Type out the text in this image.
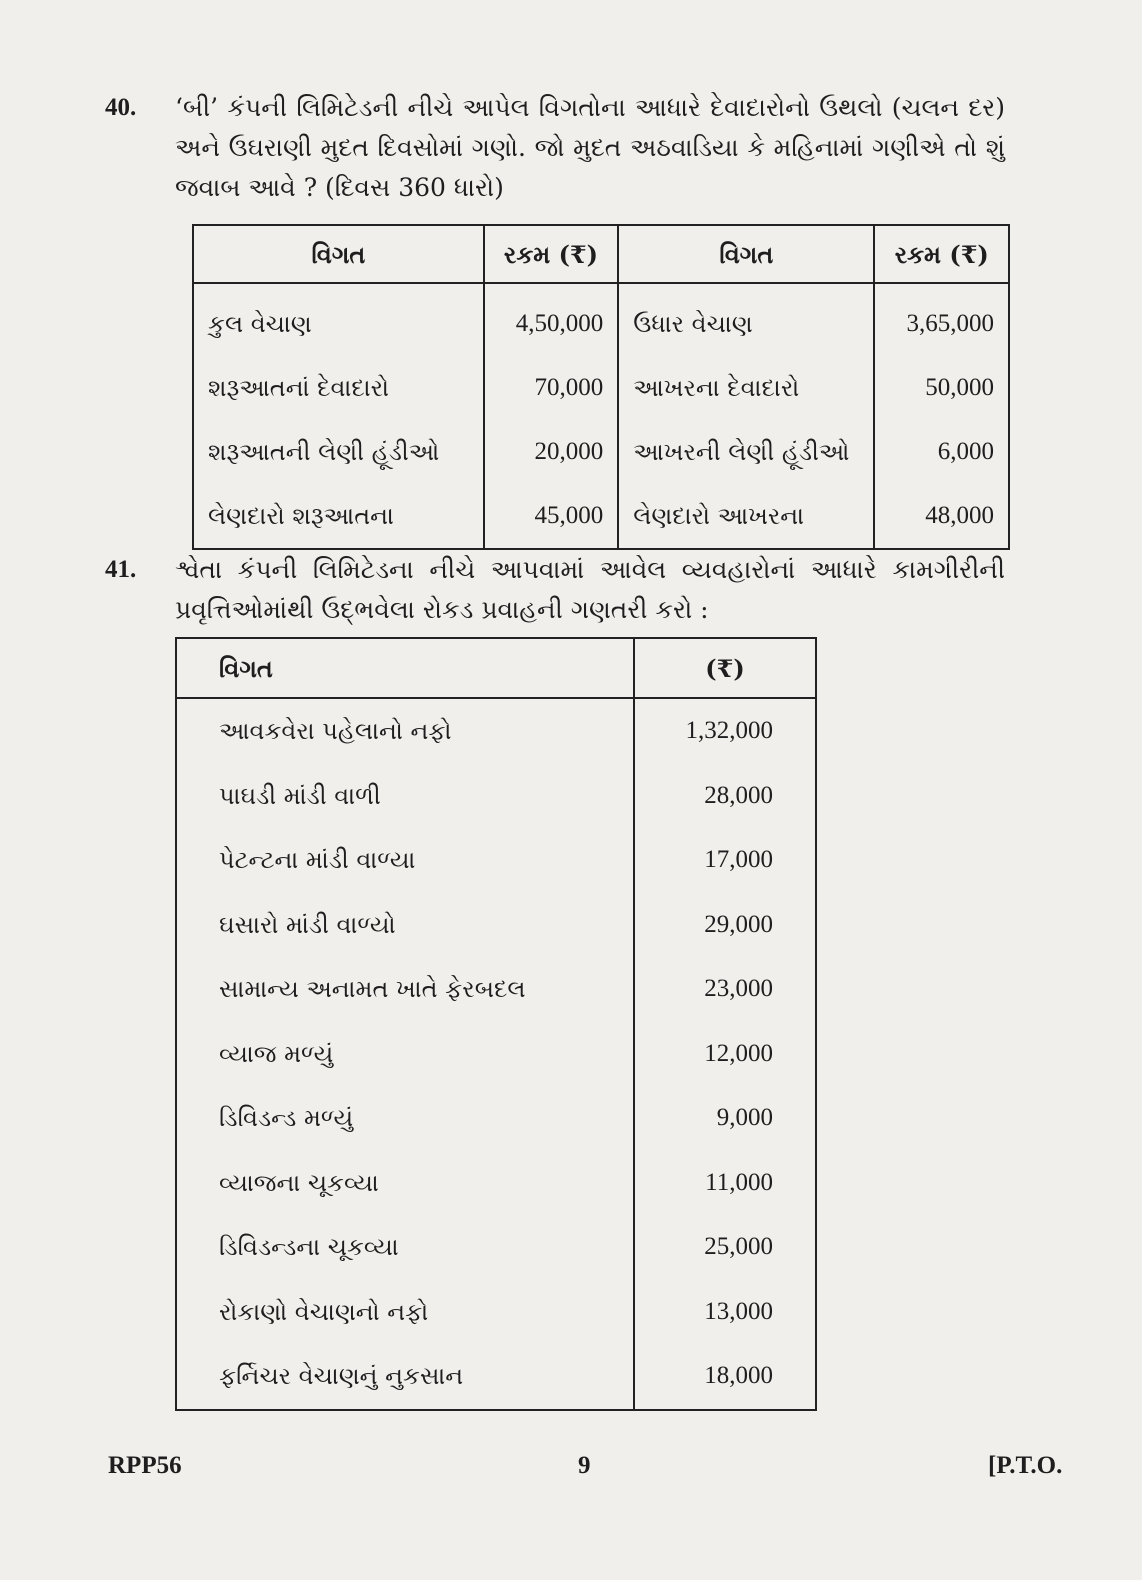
40. ‘બી’ કંપની લિમિટેડની નીચે આપેલ વિગતોના આધારે દેવાદારોનો ઉથલો (ચલન દર) અને ઉઘરાણી મુદત દિવસોમાં ગણો. જો મુદત અઠવાડિયા કે મહિનામાં ગણીએ તો શું જવાબ આવે ? (દિવસ 360 ધારો)
વિગત	રકમ (₹)	વિગત	રકમ (₹)
કુલ વેચાણ	4,50,000	ઉધાર વેચાણ	3,65,000
શરૂઆતનાં દેવાદારો	70,000	આખરના દેવાદારો	50,000
શરૂઆતની લેણી હૂંડીઓ	20,000	આખરની લેણી હૂંડીઓ	6,000
લેણદારો શરૂઆતના	45,000	લેણદારો આખરના	48,000
41. શ્વેતા કંપની લિમિટેડના નીચે આપવામાં આવેલ વ્યવહારોનાં આધારે કામગીરીની પ્રવૃત્તિઓમાંથી ઉદ્ભવેલા રોકડ પ્રવાહની ગણતરી કરો :
વિગત	(₹)
આવકવેરા પહેલાનો નફો	1,32,000
પાઘડી માંડી વાળી	28,000
પેટન્ટના માંડી વાળ્યા	17,000
ઘસારો માંડી વાળ્યો	29,000
સામાન્ય અનામત ખાતે ફેરબદલ	23,000
વ્યાજ મળ્યું	12,000
ડિવિડન્ડ મળ્યું	9,000
વ્યાજના ચૂકવ્યા	11,000
ડિવિડન્ડના ચૂકવ્યા	25,000
રોકાણો વેચાણનો નફો	13,000
ફર્નિચર વેચાણનું નુકસાન	18,000
RPP56	9	[P.T.O.
